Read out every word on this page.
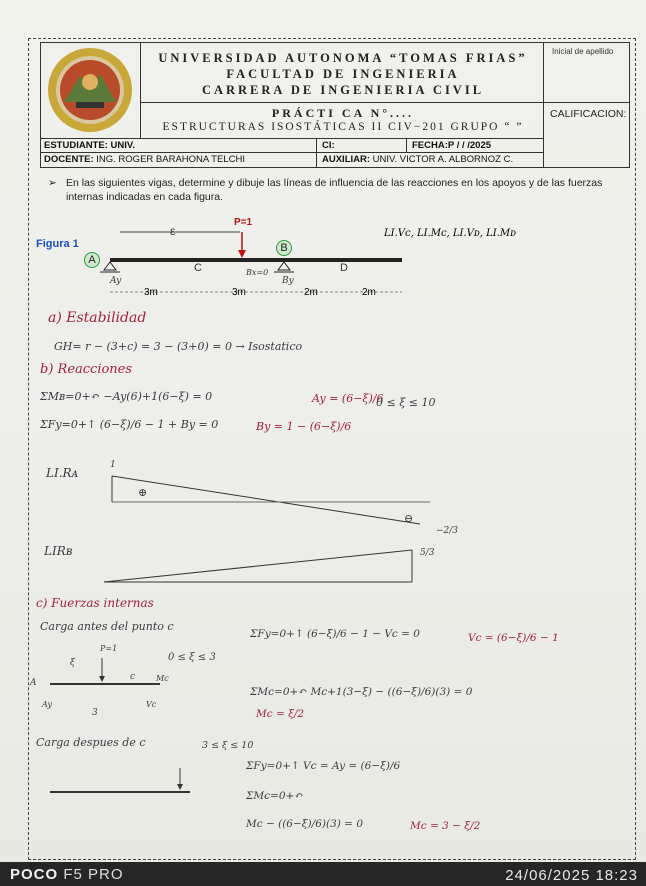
UNIVERSIDAD AUTONOMA “TOMAS FRIAS”
FACULTAD DE INGENIERIA
CARRERA DE INGENIERIA CIVIL
Inicial de apellido
PRÁCTI CA N°....
ESTRUCTURAS ISOSTÁTICAS II CIV−201 GRUPO “ ”
CALIFICACION:
ESTUDIANTE: UNIV.	CI:	FECHA:P / / /2025
DOCENTE: ING. ROGER BARAHONA TELCHI	AUXILIAR: UNIV. VICTOR A. ALBORNOZ C.
➢ En las siguientes vigas, determine y dibuje las líneas de influencia de las reacciones en los apoyos y de las fuerzas internas indicadas en cada figura.
Figura 1
P=1
ε
A
B
C	D
Bx=0
Ay	By
3m	3m	2m	2m
LI.Vᴄ, LI.Mᴄ, LI.Vᴅ, LI.Mᴅ
a) Estabilidad
GH= r − (3+c) = 3 − (3+0) = 0 → Isostatico
b) Reacciones
ΣMʙ=0+↶ −Ay(6)+1(6−ξ) = 0	Ay = (6−ξ)/6
0 ≤ ξ ≤ 10
ΣFy=0+↑ (6−ξ)/6 − 1 + By = 0	By = 1 − (6−ξ)/6
LI.Rᴀ
1
⊕
⊖
−2/3
LIRʙ	5/3
c) Fuerzas internas
Carga antes del punto c
ΣFy=0+↑ (6−ξ)/6 − 1 − Vc = 0	Vc = (6−ξ)/6 − 1
0 ≤ ξ ≤ 3
ΣMc=0+↶ Mc+1(3−ξ) − ((6−ξ)/6)(3) = 0
Mc = ξ/2
P=1
ξ
A
c	Mc
Vc
Ay
3
Carga despues de c	3 ≤ ξ ≤ 10
ΣFy=0+↑ Vc = Ay = (6−ξ)/6
ΣMc=0+↶
Mc − ((6−ξ)/6)(3) = 0	Mc = 3 − ξ/2
POCO F5 PRO	24/06/2025 18:23
